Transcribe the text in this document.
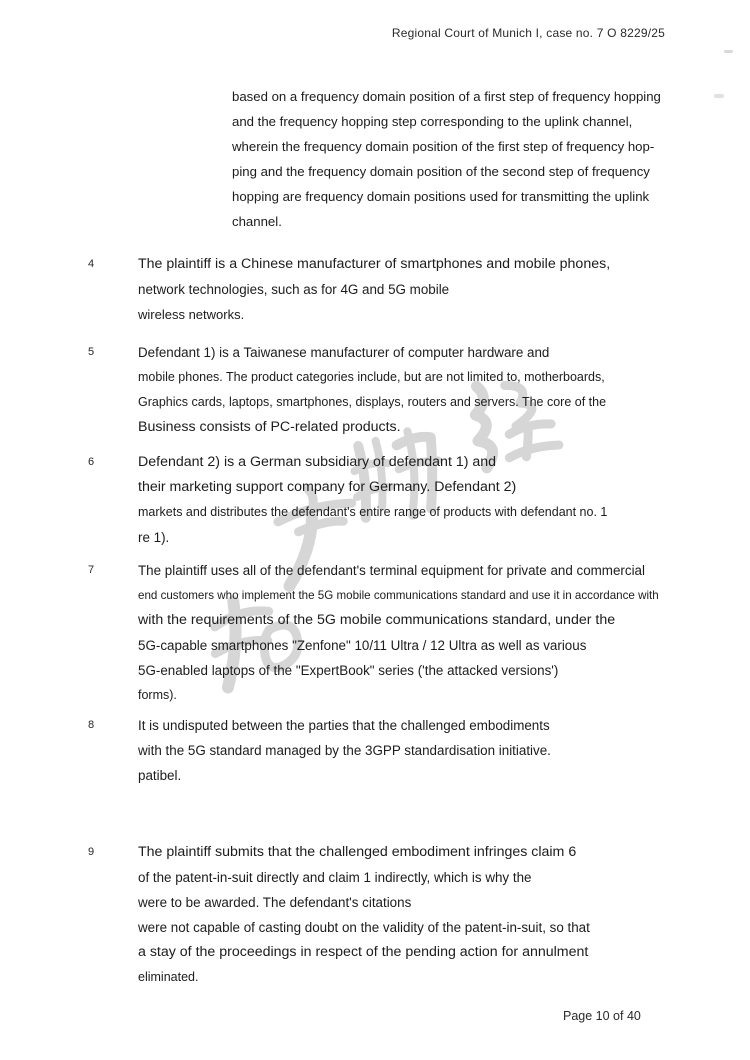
Regional Court of Munich I, case no. 7 O 8229/25
based on a frequency domain position of a first step of frequency hopping
and the frequency hopping step corresponding to the uplink channel,
wherein the frequency domain position of the first step of frequency hop-
ping and the frequency domain position of the second step of frequency
hopping are frequency domain positions used for transmitting the uplink
channel.
4	The plaintiff is a Chinese manufacturer of smartphones and mobile phones,
network technologies, such as for 4G and 5G mobile
wireless networks.
5	Defendant 1) is a Taiwanese manufacturer of computer hardware and
mobile phones. The product categories include, but are not limited to, motherboards,
Graphics cards, laptops, smartphones, displays, routers and servers. The core of the
Business consists of PC-related products.
6	Defendant 2) is a German subsidiary of defendant 1) and
their marketing support company for Germany. Defendant 2)
markets and distributes the defendant's entire range of products with defendant no. 1
re 1).
7	The plaintiff uses all of the defendant's terminal equipment for private and commercial
end customers who implement the 5G mobile communications standard and use it in accordance with
with the requirements of the 5G mobile communications standard, under the
5G-capable smartphones "Zenfone" 10/11 Ultra / 12 Ultra as well as various
5G-enabled laptops of the "ExpertBook" series ('the attacked versions')
forms).
8	It is undisputed between the parties that the challenged embodiments
with the 5G standard managed by the 3GPP standardisation initiative.
patibel.
9	The plaintiff submits that the challenged embodiment infringes claim 6
of the patent-in-suit directly and claim 1 indirectly, which is why the
were to be awarded. The defendant's citations
were not capable of casting doubt on the validity of the patent-in-suit, so that
a stay of the proceedings in respect of the pending action for annulment
eliminated.
Page 10 of 40
